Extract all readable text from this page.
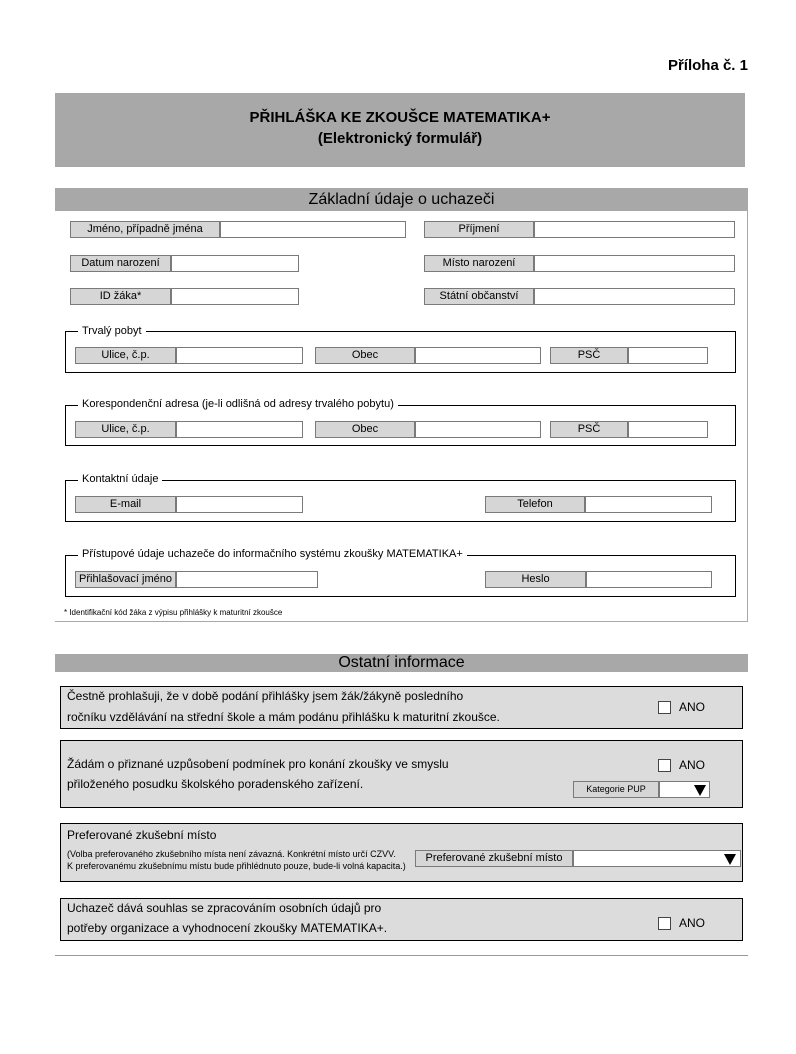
Příloha č. 1
PŘIHLÁŠKA KE ZKOUŠCE MATEMATIKA+
(Elektronický formulář)
Základní údaje o uchazeči
Jméno, případně jména	Příjmení
Datum narození	Místo narození
ID žáka*	Státní občanství
Trvalý pobyt
Ulice, č.p.	Obec	PSČ
Korespondenční adresa (je-li odlišná od adresy trvalého pobytu)
Ulice, č.p.	Obec	PSČ
Kontaktní údaje
E-mail	Telefon
Přístupové údaje uchazeče do informačního systému zkoušky MATEMATIKA+
Přihlašovací jméno	Heslo
* Identifikační kód žáka z výpisu přihlášky k maturitní zkoušce
Ostatní informace
Čestně prohlašuji, že v době podání přihlášky jsem žák/žákyně posledního
ročníku vzdělávání na střední škole a mám podánu přihlášku k maturitní zkoušce.
ANO
Žádám o přiznané uzpůsobení podmínek pro konání zkoušky ve smyslu
přiloženého posudku školského poradenského zařízení.
ANO
Kategorie PUP
Preferované zkušební místo
(Volba preferovaného zkušebního místa není závazná. Konkrétní místo určí CZVV.
K preferovanému zkušebnímu místu bude přihlédnuto pouze, bude-li volná kapacita.)
Preferované zkušební místo
Uchazeč dává souhlas se zpracováním osobních údajů pro
potřeby organizace a vyhodnocení zkoušky MATEMATIKA+.	ANO
